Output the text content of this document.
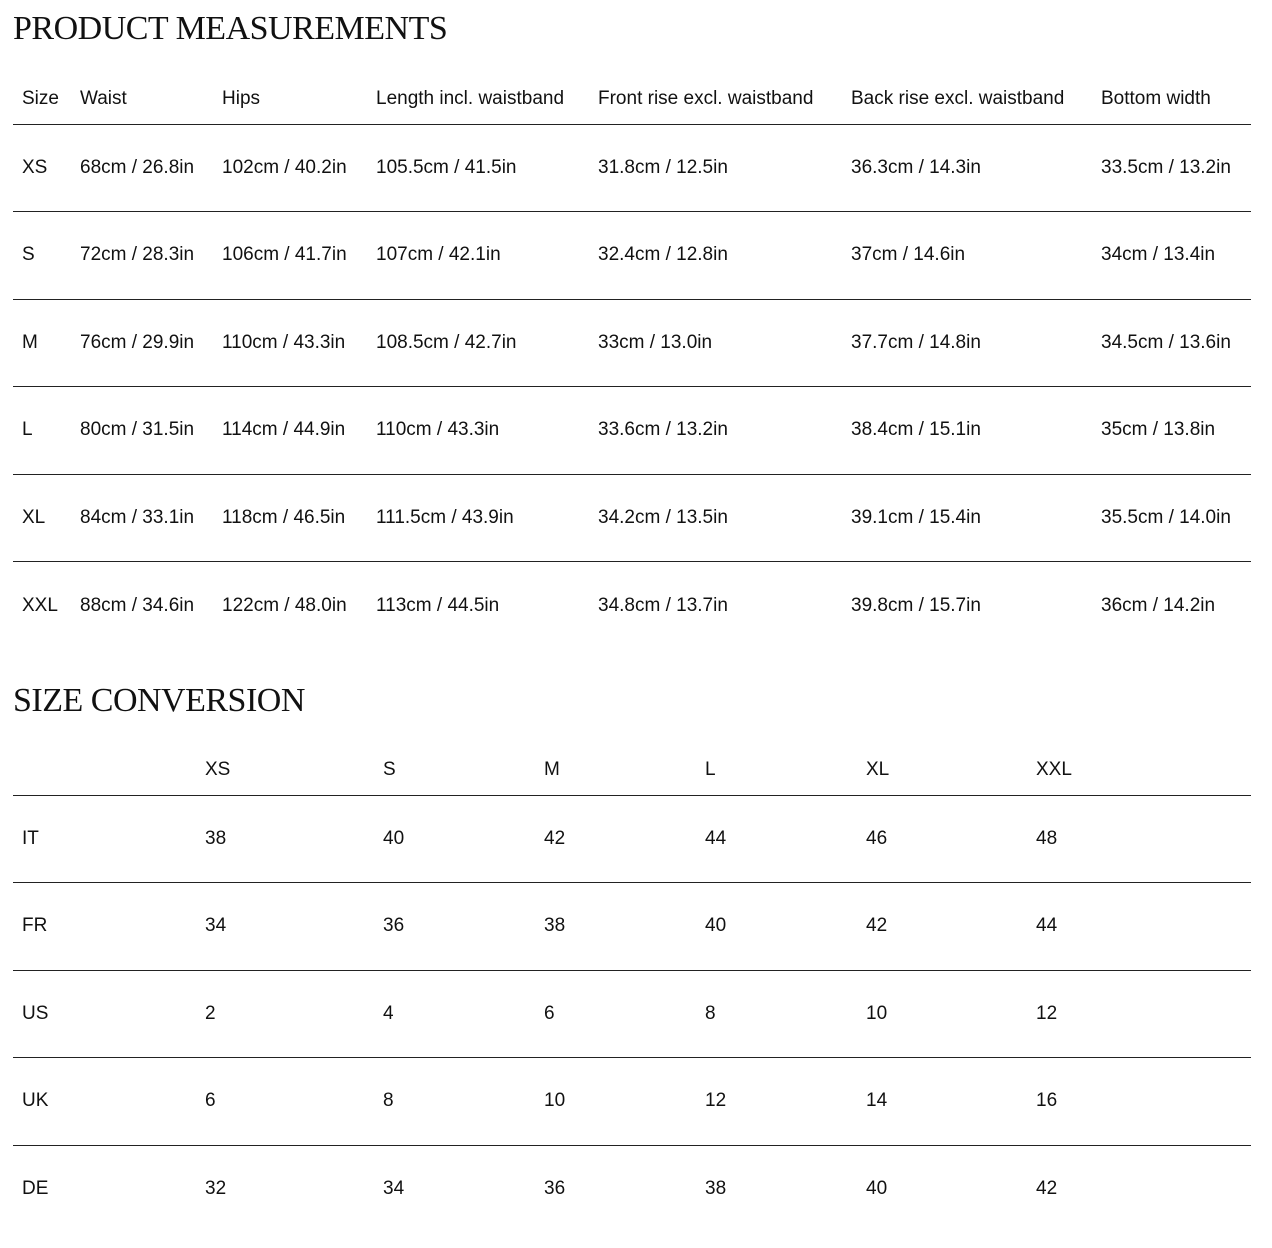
PRODUCT MEASUREMENTS
Size	Waist	Hips	Length incl. waistband	Front rise excl. waistband	Back rise excl. waistband	Bottom width
XS	68cm / 26.8in	102cm / 40.2in	105.5cm / 41.5in	31.8cm / 12.5in	36.3cm / 14.3in	33.5cm / 13.2in
S	72cm / 28.3in	106cm / 41.7in	107cm / 42.1in	32.4cm / 12.8in	37cm / 14.6in	34cm / 13.4in
M	76cm / 29.9in	110cm / 43.3in	108.5cm / 42.7in	33cm / 13.0in	37.7cm / 14.8in	34.5cm / 13.6in
L	80cm / 31.5in	114cm / 44.9in	110cm / 43.3in	33.6cm / 13.2in	38.4cm / 15.1in	35cm / 13.8in
XL	84cm / 33.1in	118cm / 46.5in	111.5cm / 43.9in	34.2cm / 13.5in	39.1cm / 15.4in	35.5cm / 14.0in
XXL	88cm / 34.6in	122cm / 48.0in	113cm / 44.5in	34.8cm / 13.7in	39.8cm / 15.7in	36cm / 14.2in
SIZE CONVERSION
	XS	S	M	L	XL	XXL
IT	38	40	42	44	46	48
FR	34	36	38	40	42	44
US	2	4	6	8	10	12
UK	6	8	10	12	14	16
DE	32	34	36	38	40	42
